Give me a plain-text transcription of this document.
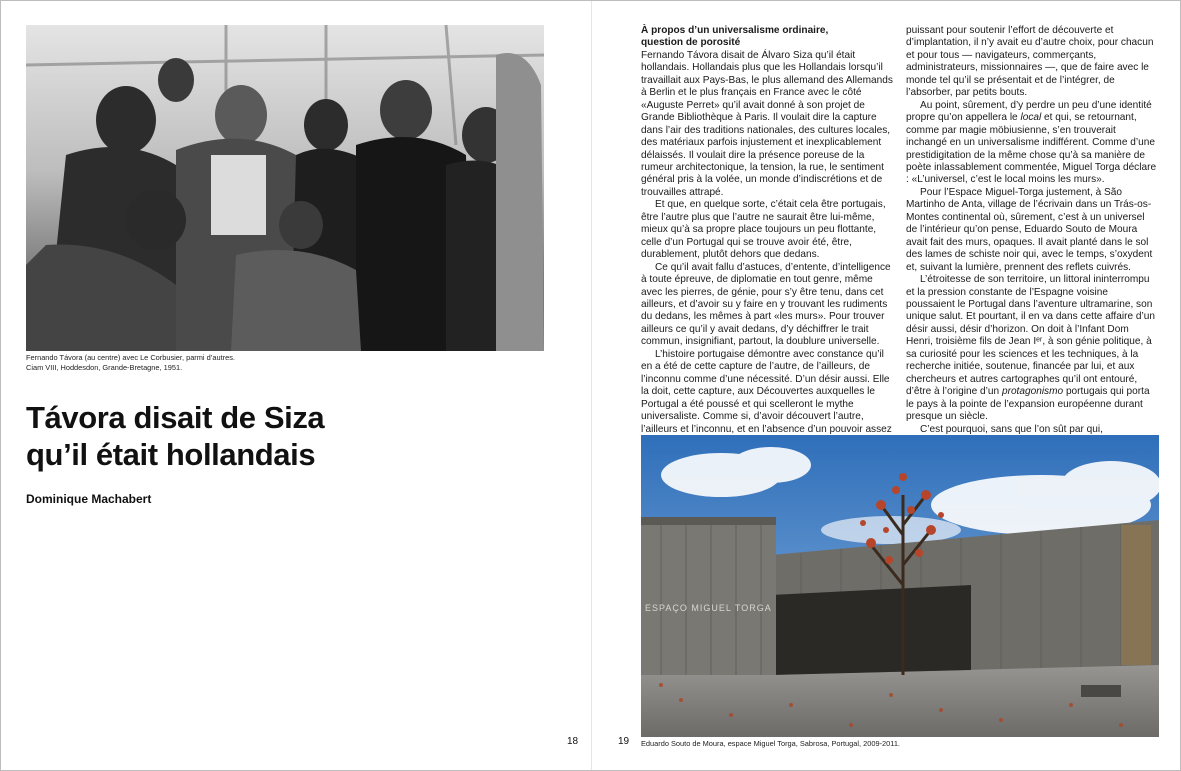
Fernando Távora (au centre) avec Le Corbusier, parmi d’autres.
Ciam VIII, Hoddesdon, Grande-Bretagne, 1951.
Távora disait de Siza
qu’il était hollandais
Dominique Machabert
18	19

À propos d’un universalisme ordinaire,
question de porosité

Fernando Távora disait de Álvaro Siza qu’il était hollandais. Hollandais plus que les Hollandais lorsqu’il travaillait aux Pays-Bas, le plus allemand des Allemands à Berlin et le plus français en France avec le côté «Auguste Perret» qu’il avait donné à son projet de Grande Bibliothèque à Paris. Il voulait dire la capture dans l’air des traditions nationales, des cultures locales, des matériaux parfois injustement et inexplicablement délaissés. Il voulait dire la présence poreuse de la rumeur architectonique, la tension, la rue, le sentiment général pris à la volée, un monde d’indiscrétions et de trouvailles attrapé.

Et que, en quelque sorte, c’était cela être portugais, être l’autre plus que l’autre ne saurait être lui-même, mieux qu’à sa propre place toujours un peu flottante, celle d’un Portugal qui se trouve avoir été, être, durablement, plutôt dehors que dedans.

Ce qu’il avait fallu d’astuces, d’entente, d’intelligence à toute épreuve, de diplomatie en tout genre, même avec les pierres, de génie, pour s’y être tenu, dans cet ailleurs, et d’avoir su y faire en y trouvant les rudiments du dedans, les mêmes à part «les murs». Pour trouver ailleurs ce qu’il y avait dedans, d’y déchiffrer le trait commun, insignifiant, partout, la doublure universelle.

L’histoire portugaise démontre avec constance qu’il en a été de cette capture de l’autre, de l’ailleurs, de l’inconnu comme d’une nécessité. D’un désir aussi. Elle la doit, cette capture, aux Découvertes auxquelles le Portugal a été poussé et qui scelleront le mythe universaliste. Comme si, d’avoir découvert l’autre, l’ailleurs et l’inconnu, et en l’absence d’un pouvoir assez

puissant pour soutenir l’effort de découverte et d’implantation, il n’y avait eu d’autre choix, pour chacun et pour tous — navigateurs, commerçants, administrateurs, missionnaires —, que de faire avec le monde tel qu’il se présentait et de l’intégrer, de l’absorber, par petits bouts.

Au point, sûrement, d’y perdre un peu d’une identité propre qu’on appellera le local et qui, se retournant, comme par magie möbiusienne, s’en trouverait inchangé en un universalisme indifférent. Comme d’une prestidigitation de la même chose qu’à sa manière de poète inlassablement commentée, Miguel Torga déclare : «L’universel, c’est le local moins les murs».

Pour l’Espace Miguel-Torga justement, à São Martinho de Anta, village de l’écrivain dans un Trás-os-Montes continental où, sûrement, c’est à un universel de l’intérieur qu’on pense, Eduardo Souto de Moura avait fait des murs, opaques. Il avait planté dans le sol des lames de schiste noir qui, avec le temps, s’oxydent et, suivant la lumière, prennent des reflets cuivrés.

L’étroitesse de son territoire, un littoral ininterrompu et la pression constante de l’Espagne voisine poussaient le Portugal dans l’aventure ultramarine, son unique salut. Et pourtant, il en va dans cette affaire d’un désir aussi, désir d’horizon. On doit à l’Infant Dom Henri, troisième fils de Jean Iᵉʳ, à son génie politique, à sa curiosité pour les sciences et les techniques, à la recherche initiée, soutenue, financée par lui, et aux chercheurs et autres cartographes qu’il ont entouré, d’être à l’origine d’un protagonismo portugais qui porta le pays à la pointe de l’expansion européenne durant presque un siècle.

C’est pourquoi, sans que l’on sût par qui,

ESPAÇO MIGUEL TORGA
Eduardo Souto de Moura, espace Miguel Torga, Sabrosa, Portugal, 2009-2011.
